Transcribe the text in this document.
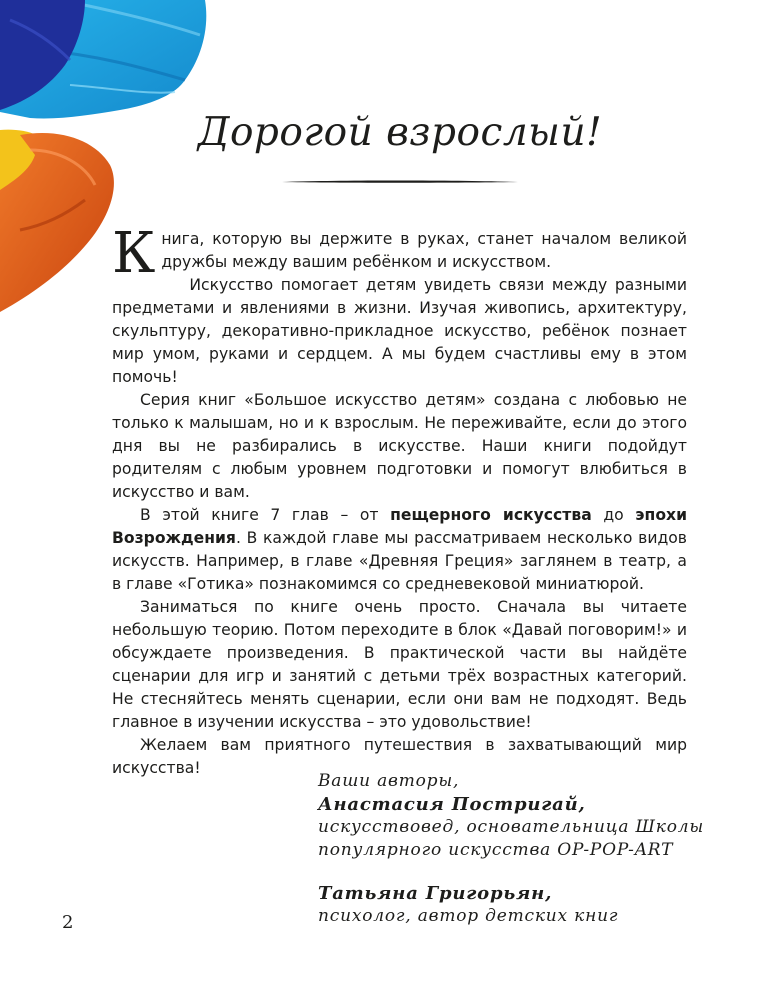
Дорогой взрослый!

Книга, которую вы держите в руках, станет началом великой дружбы между вашим ребёнком и искусством.

Искусство помогает детям увидеть связи между разными предметами и явлениями в жизни. Изучая живопись, архитектуру, скульптуру, декоративно-прикладное искусство, ребёнок познает мир умом, руками и сердцем. А мы будем счастливы ему в этом помочь!

Серия книг «Большое искусство детям» создана с любовью не только к малышам, но и к взрослым. Не переживайте, если до этого дня вы не разбирались в искусстве. Наши книги подойдут родителям с любым уровнем подготовки и помогут влюбиться в искусство и вам.

В этой книге 7 глав – от пещерного искусства до эпохи Возрождения. В каждой главе мы рассматриваем несколько видов искусств. Например, в главе «Древняя Греция» заглянем в театр, а в главе «Готика» познакомимся со средневековой миниатюрой.

Заниматься по книге очень просто. Сначала вы читаете небольшую теорию. Потом переходите в блок «Давай поговорим!» и обсуждаете произведения. В практической части вы найдёте сценарии для игр и занятий с детьми трёх возрастных категорий. Не стесняйтесь менять сценарии, если они вам не подходят. Ведь главное в изучении искусства – это удовольствие!

Желаем вам приятного путешествия в захватывающий мир искусства!

Ваши авторы,
Анастасия Постригай,
искусствовед, основательница Школы
популярного искусства OP-POP-ART
Татьяна Григорьян,
психолог, автор детских книг
2
